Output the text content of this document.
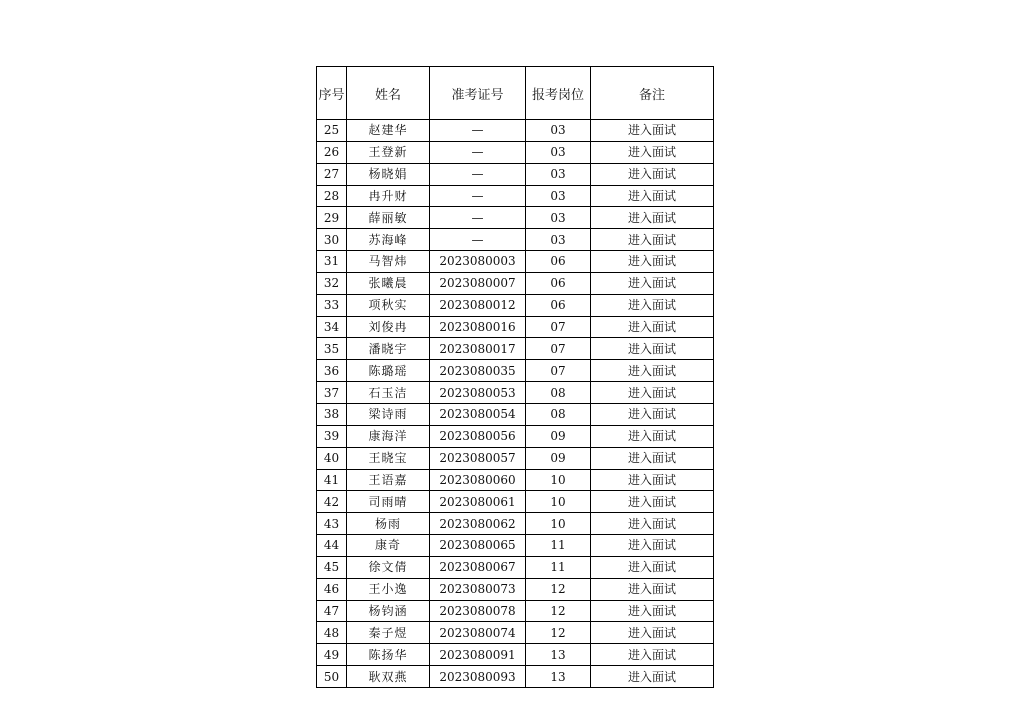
序号	姓名	准考证号	报考岗位	备注
25	赵建华	—	03	进入面试
26	王登新	—	03	进入面试
27	杨晓娟	—	03	进入面试
28	冉升财	—	03	进入面试
29	薛丽敏	—	03	进入面试
30	苏海峰	—	03	进入面试
31	马智炜	2023080003	06	进入面试
32	张曦晨	2023080007	06	进入面试
33	项秋实	2023080012	06	进入面试
34	刘俊冉	2023080016	07	进入面试
35	潘晓宇	2023080017	07	进入面试
36	陈璐瑶	2023080035	07	进入面试
37	石玉洁	2023080053	08	进入面试
38	梁诗雨	2023080054	08	进入面试
39	康海洋	2023080056	09	进入面试
40	王晓宝	2023080057	09	进入面试
41	王语嘉	2023080060	10	进入面试
42	司雨晴	2023080061	10	进入面试
43	杨雨	2023080062	10	进入面试
44	康奇	2023080065	11	进入面试
45	徐文倩	2023080067	11	进入面试
46	王小逸	2023080073	12	进入面试
47	杨钧涵	2023080078	12	进入面试
48	秦子煜	2023080074	12	进入面试
49	陈扬华	2023080091	13	进入面试
50	耿双燕	2023080093	13	进入面试
